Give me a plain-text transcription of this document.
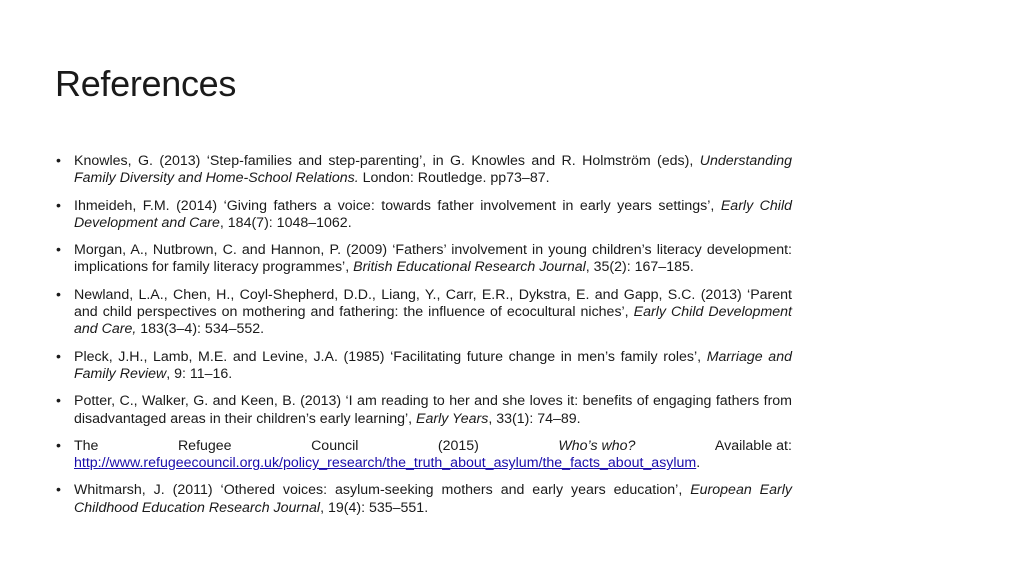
References
• Knowles, G. (2013) ‘Step-families and step-parenting’, in G. Knowles and R. Holmström (eds), Understanding Family Diversity and Home-School Relations. London: Routledge. pp73–87.
• Ihmeideh, F.M. (2014) ‘Giving fathers a voice: towards father involvement in early years settings’, Early Child Development and Care, 184(7): 1048–1062.
• Morgan, A., Nutbrown, C. and Hannon, P. (2009) ‘Fathers’ involvement in young children’s literacy development: implications for family literacy programmes’, British Educational Research Journal, 35(2): 167–185.
• Newland, L.A., Chen, H., Coyl-Shepherd, D.D., Liang, Y., Carr, E.R., Dykstra, E. and Gapp, S.C. (2013) ‘Parent and child perspectives on mothering and fathering: the influence of ecocultural niches’, Early Child Development and Care, 183(3–4): 534–552.
• Pleck, J.H., Lamb, M.E. and Levine, J.A. (1985) ‘Facilitating future change in men’s family roles’, Marriage and Family Review, 9: 11–16.
• Potter, C., Walker, G. and Keen, B. (2013) ‘I am reading to her and she loves it: benefits of engaging fathers from disadvantaged areas in their children’s early learning’, Early Years, 33(1): 74–89.
• The	Refugee	Council	(2015)	Who’s who?	Available at:
http://www.refugeecouncil.org.uk/policy_research/the_truth_about_asylum/the_facts_about_asylum.
• Whitmarsh, J. (2011) ‘Othered voices: asylum-seeking mothers and early years education’, European Early Childhood Education Research Journal, 19(4): 535–551.
